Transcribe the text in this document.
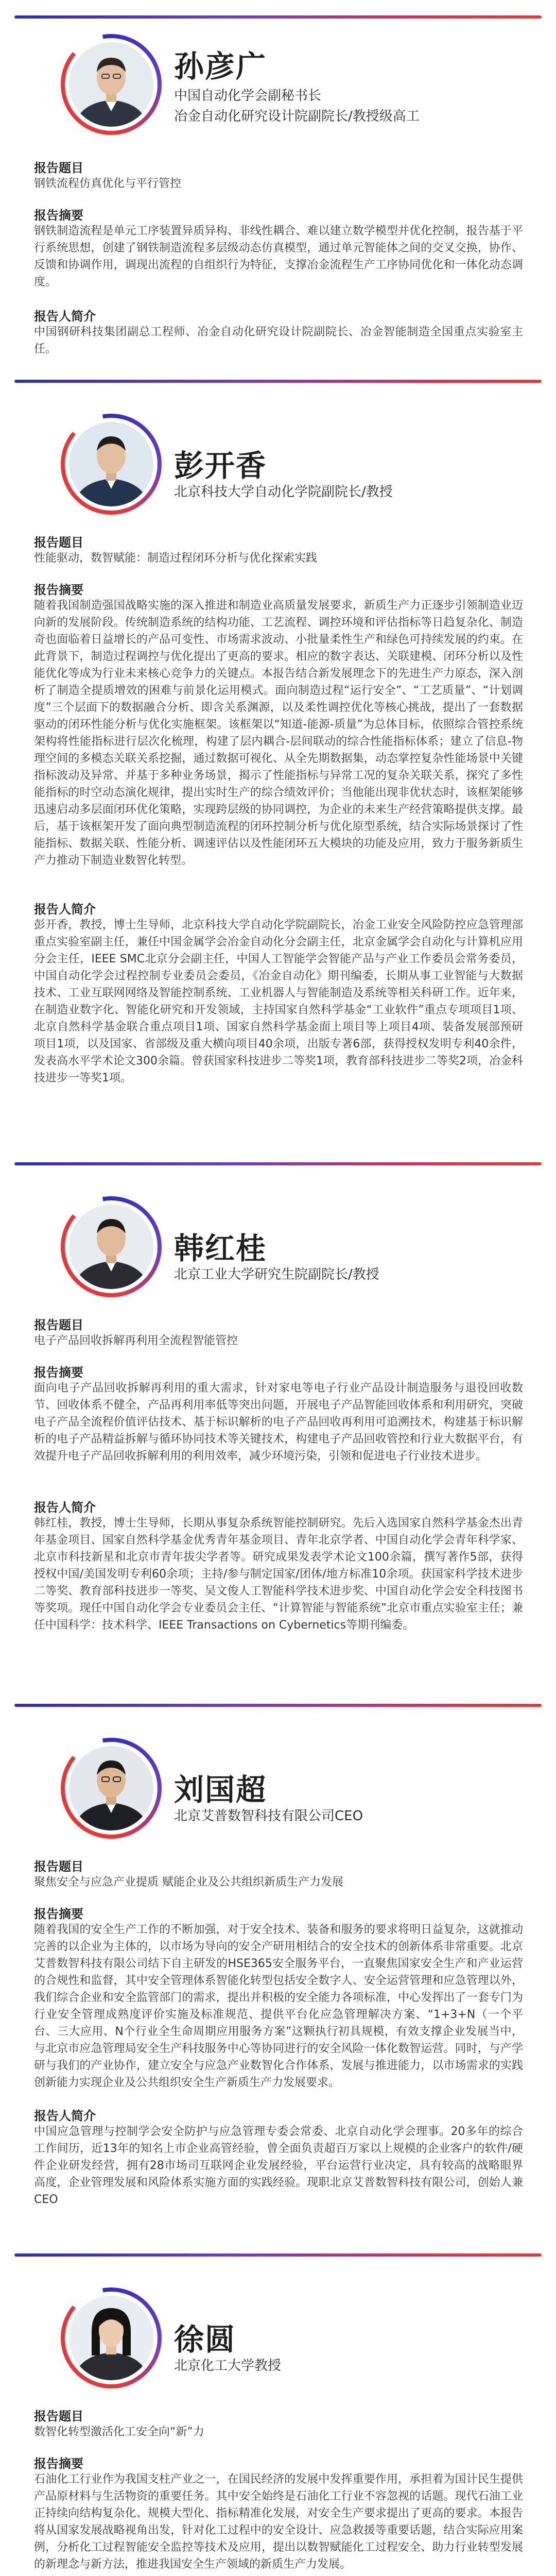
孙彦广
中国自动化学会副秘书长
冶金自动化研究设计院副院长/教授级高工
报告题目

钢铁流程仿真优化与平行管控

报告摘要

钢铁制造流程是单元工序装置异质异构、非线性耦合、难以建立数学模型并优化控制，报告基于平行系统思想，创建了钢铁制造流程多层级动态仿真模型，通过单元智能体之间的交叉交换，协作、反馈和协调作用，调现出流程的自组织行为特征，支撑冶金流程生产工序协同优化和一体化动态调度。

报告人简介

中国钢研科技集团副总工程师、冶金自动化研究设计院副院长、冶金智能制造全国重点实验室主任。

彭开香
北京科技大学自动化学院副院长/教授
报告题目

性能驱动，数智赋能：制造过程闭环分析与优化探索实践

报告摘要

随着我国制造强国战略实施的深入推进和制造业高质量发展要求，新质生产力正逐步引领制造业迈向新的发展阶段。传统制造系统的结构功能、工艺流程、调控环境和评估指标等日趋复杂化、制造奇也面临着日益增长的产品可变性、市场需求波动、小批量柔性生产和绿色可持续发展的约束。在此背景下，制造过程调控与优化提出了更高的要求。相应的数字表达、关联建模、闭环分析以及性能优化等成为行业未来核心竞争力的关键点。本报告结合新发展理念下的先进生产力原态，深入剖析了制造全提质增效的困难与前景化运用模式。面向制造过程“运行安全”、“工艺质量”、“计划调度”三个层面下的数据融合分析、即含关系渊源，以及柔性调控优化等核心挑战，提出了一套数据驱动的闭环性能分析与优化实施框架。该框架以“知道-能源-质量”为总体目标，依照综合管控系统架构将性能指标进行层次化梳理，构建了层内耦合-层间联动的综合性能指标体系；建立了信息-物理空间的多模态关联关系挖掘，通过数据可视化、从全先期数据集，动态掌控复杂性能场景中关键指标波动及异常、并基于多种业务场景，揭示了性能指标与异常工况的复杂关联关系，探究了多性能指标的时空动态演化规律，提出实时生产的综合绩效评价；当他能出现非优状态时，该框架能够迅速启动多层面闭环优化策略，实现跨层级的协同调控，为企业的未来生产经营策略提供支撑。最后，基于该框架开发了面向典型制造流程的闭环控制分析与优化原型系统，结合实际场景探讨了性能指标、数据关联、性能分析、调速评估以及性能闭环五大模块的功能及应用，致力于服务新质生产力推动下制造业数智化转型。

报告人简介

彭开香，教授，博士生导师，北京科技大学自动化学院副院长，冶金工业安全风险防控应急管理部重点实验室副主任，兼任中国金属学会冶金自动化分会副主任，北京金属学会自动化与计算机应用分会主任，IEEE SMC北京分会副主任，中国人工智能学会智能产品与产业工作委员会常务委员，中国自动化学会过程控制专业委员会委员，《冶金自动化》期刊编委，长期从事工业智能与大数据技术、工业互联网网络及智能控制系统、工业机器人与智能制造及系统等相关科研工作。近年来，在制造业数字化、智能化研究和开发领域，主持国家自然科学基金“工业软件”重点专项项目1项、北京自然科学基金联合重点项目1项、国家自然科学基金面上项目等上项目4项、装备发展部预研项目1项，以及国家、省部级及重大横向项目40余项，出版专著6部，获得授权发明专利40余件，发表高水平学术论文300余篇。曾获国家科技进步二等奖1项，教育部科技进步二等奖2项，冶金科技进步一等奖1项。

韩红桂
北京工业大学研究生院副院长/教授
报告题目

电子产品回收拆解再利用全流程智能管控

报告摘要

面向电子产品回收拆解再利用的重大需求，针对家电等电子行业产品设计制造服务与退役回收数节、回收体系不健全，产品再利用率低等突出问题，开展电子产品智能回收体系和利用研究，突破电子产品全流程价值评估技术、基于标识解析的电子产品回收再利用可追溯技术，构建基于标识解析的电子产品精益拆解与循环协同技术等关键技术，构建电子产品回收管控和行业大数据平台，有效提升电子产品回收拆解利用的利用效率，减少环境污染，引领和促进电子行业技术进步。

报告人简介

韩红桂，教授，博士生导师，长期从事复杂系统智能控制研究。先后入选国家自然科学基金杰出青年基金项目、国家自然科学基金优秀青年基金项目、青年北京学者、中国自动化学会青年科学家、北京市科技新星和北京市青年拔尖学者等。研究成果发表学术论文100余篇，撰写著作5部，获得授权中国/美国发明专利60余项；主持/参与制定国家/团体/地方标准10余项。获国家科学技术进步二等奖、教育部科技进步一等奖、吴文俊人工智能科学技术进步奖、中国自动化学会安全科技图书等奖项。现任中国自动化学会专业委员会主任、“计算智能与智能系统”北京市重点实验室主任；兼任中国科学：技术科学、IEEE Transactions on Cybernetics等期刊编委。

刘国超
北京艾普数智科技有限公司CEO
报告题目

聚焦安全与应急产业提质 赋能企业及公共组织新质生产力发展

报告摘要

随着我国的安全生产工作的不断加强，对于安全技术、装备和服务的要求将明日益复杂，这就推动完善的以企业为主体的，以市场为导向的安全产研用相结合的安全技术的创新体系非常重要。北京艾普数智科技有限公司结下自主研发的HSE365安全服务平台，一直聚焦国家安全生产和产业运营的合规性和监督，其中安全管理体系智能化转型包括安全数字人、安全运营管理和应急管理以外，我们综合企业和安全监管部门的需求，提出并积极的安全能力各项标准，中心发挥出了一套专门为行业安全管理成熟度评价实施及标准规范、提供平台化应急管理解决方案、“1+3+N（一个平台、三大应用、N个行业全生命周期应用服务方案”这颗执行初具规模，有效支撑企业发展当中，与北京市应急管理局安全生产科技服务中心等协同进行的安全风险一体化数智运营。同时，与产学研与我们的产业协作，建立安全与应急产业数智化合作体系，发展与推进能力，以市场需求的实践创新能力实现企业及公共组织安全生产新质生产力发展要求。

报告人简介

中国应急管理与控制学会安全防护与应急管理专委会常委、北京自动化学会理事。20多年的综合工作间历，近13年的知名上市企业高管经验，曾全面负责超百万家以上规模的企业客户的软件/硬件企业研发经营，拥有28市场司互联网企业发展经验，平台运营行业决定，具有较高的战略眼界高度，企业管理发展和风险体系实施方面的实践经验。现职北京艾普数智科技有限公司，创始人兼CEO

徐圆
北京化工大学教授
报告题目

数智化转型激活化工安全向“新”力

报告摘要

石油化工行业作为我国支柱产业之一，在国民经济的发展中发挥重要作用，承担着为国计民生提供产品原材料与生活物资的重要任务。其中安全始终是石油化工行业不容忽视的话题。现代石油工业正持续向结构复杂化、规模大型化、指标精准化发展，对安全生产要求提出了更高的要求。本报告将从国家发展战略视角出发，针对化工过程中的安全设计、应急救援等重要话题，结合实际应用案例，分析化工过程智能安全监控等技术及应用，提出以数智赋能化工过程安全、助力行业转型发展的新理念与新方法，推进我国安全生产领域的新质生产力发展。
